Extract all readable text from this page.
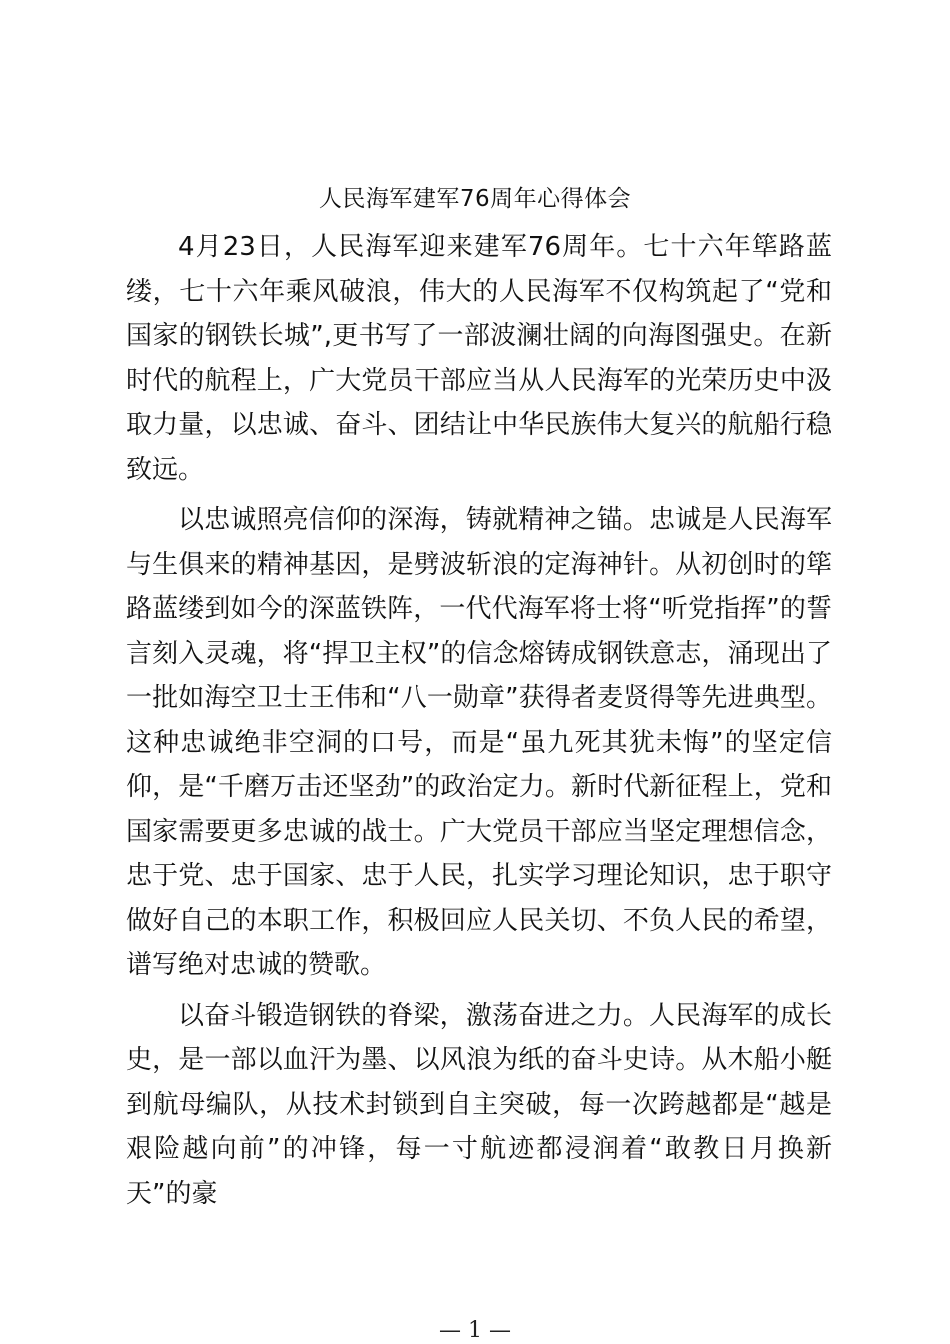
人民海军建军76周年心得体会

4月23日，人民海军迎来建军76周年。七十六年筚路蓝缕，七十六年乘风破浪，伟大的人民海军不仅构筑起了“党和国家的钢铁长城”,更书写了一部波澜壮阔的向海图强史。在新时代的航程上，广大党员干部应当从人民海军的光荣历史中汲取力量，以忠诚、奋斗、团结让中华民族伟大复兴的航船行稳致远。

以忠诚照亮信仰的深海，铸就精神之锚。忠诚是人民海军与生俱来的精神基因，是劈波斩浪的定海神针。从初创时的筚路蓝缕到如今的深蓝铁阵，一代代海军将士将“听党指挥”的誓言刻入灵魂，将“捍卫主权”的信念熔铸成钢铁意志，涌现出了一批如海空卫士王伟和“八一勋章”获得者麦贤得等先进典型。这种忠诚绝非空洞的口号，而是“虽九死其犹未悔”的坚定信仰，是“千磨万击还坚劲”的政治定力。新时代新征程上，党和国家需要更多忠诚的战士。广大党员干部应当坚定理想信念，忠于党、忠于国家、忠于人民，扎实学习理论知识，忠于职守做好自己的本职工作，积极回应人民关切、不负人民的希望，谱写绝对忠诚的赞歌。

以奋斗锻造钢铁的脊梁，激荡奋进之力。人民海军的成长史，是一部以血汗为墨、以风浪为纸的奋斗史诗。从木船小艇到航母编队，从技术封锁到自主突破，每一次跨越都是“越是艰险越向前”的冲锋，每一寸航迹都浸润着“敢教日月换新天”的豪

— 1 —
